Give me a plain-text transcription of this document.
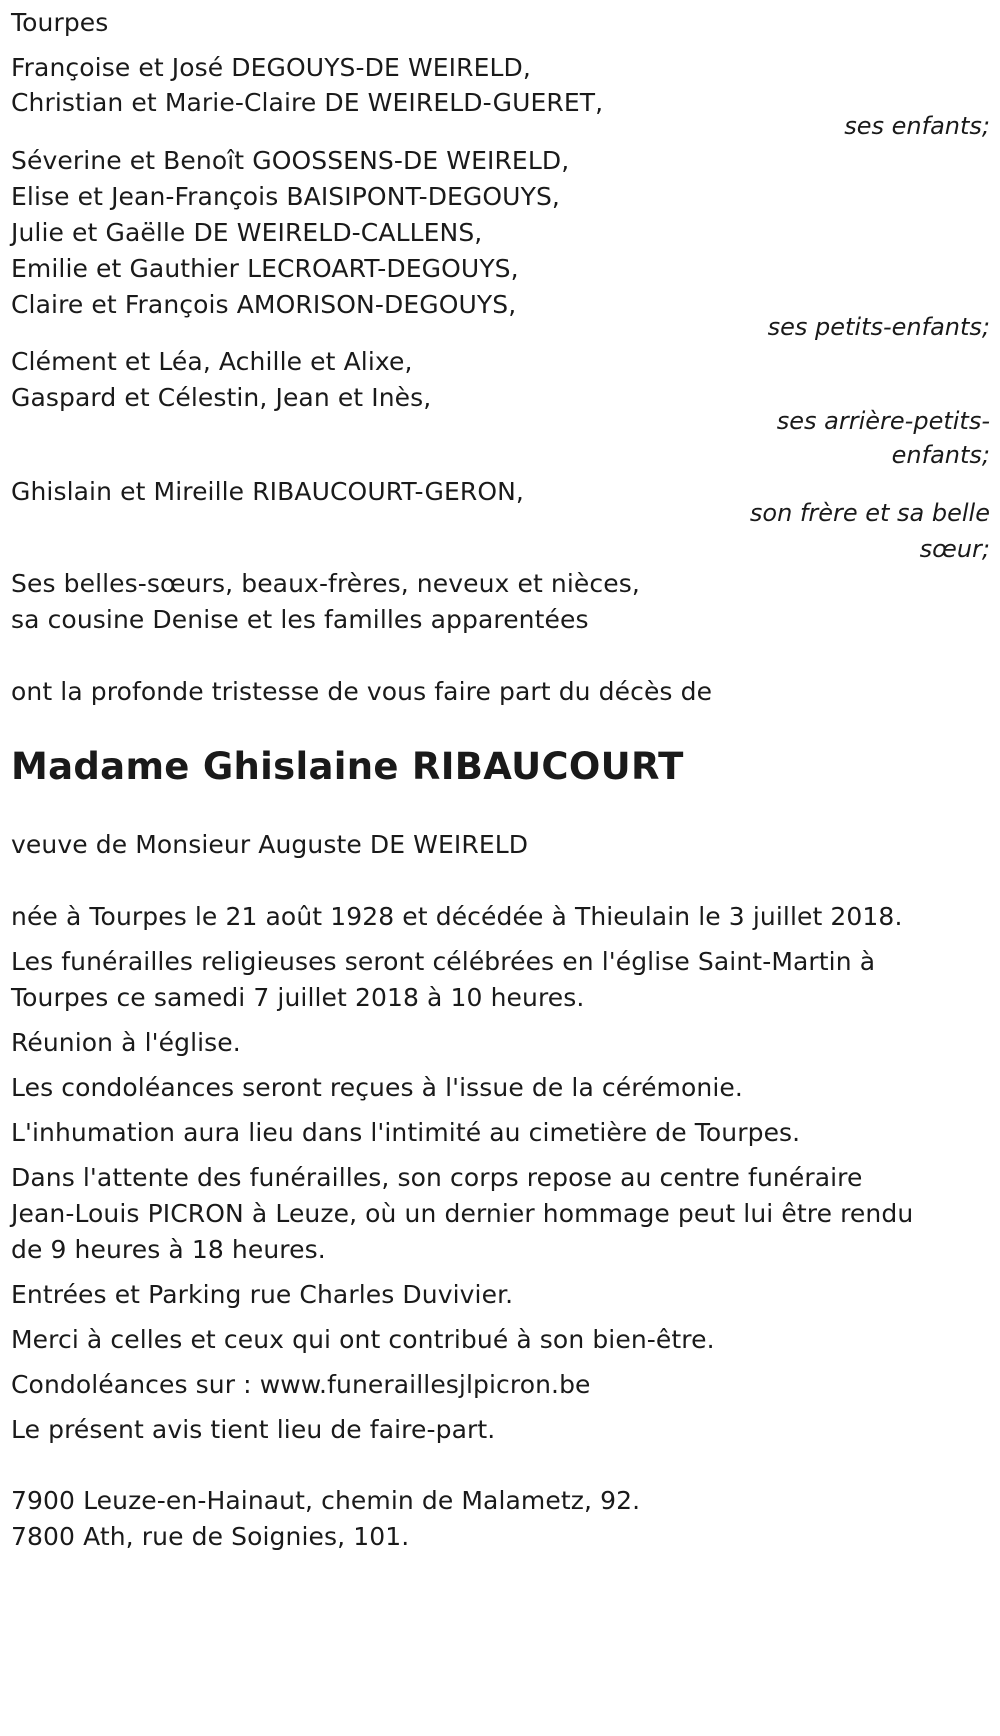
Tourpes
Françoise et José DEGOUYS-DE WEIRELD,
Christian et Marie-Claire DE WEIRELD-GUERET,
ses enfants;
Séverine et Benoît GOOSSENS-DE WEIRELD,
Elise et Jean-François BAISIPONT-DEGOUYS,
Julie et Gaëlle DE WEIRELD-CALLENS,
Emilie et Gauthier LECROART-DEGOUYS,
Claire et François AMORISON-DEGOUYS,
ses petits-enfants;
Clément et Léa, Achille et Alixe,
Gaspard et Célestin, Jean et Inès,
ses arrière-petits-
enfants;
Ghislain et Mireille RIBAUCOURT-GERON,
son frère et sa belle
sœur;
Ses belles-sœurs, beaux-frères, neveux et nièces,
sa cousine Denise et les familles apparentées
ont la profonde tristesse de vous faire part du décès de
Madame Ghislaine RIBAUCOURT
veuve de Monsieur Auguste DE WEIRELD
née à Tourpes le 21 août 1928 et décédée à Thieulain le 3 juillet 2018.
Les funérailles religieuses seront célébrées en l'église Saint-Martin à
Tourpes ce samedi 7 juillet 2018 à 10 heures.
Réunion à l'église.
Les condoléances seront reçues à l'issue de la cérémonie.
L'inhumation aura lieu dans l'intimité au cimetière de Tourpes.
Dans l'attente des funérailles, son corps repose au centre funéraire
Jean-Louis PICRON à Leuze, où un dernier hommage peut lui être rendu
de 9 heures à 18 heures.
Entrées et Parking rue Charles Duvivier.
Merci à celles et ceux qui ont contribué à son bien-être.
Condoléances sur : www.funeraillesjlpicron.be
Le présent avis tient lieu de faire-part.
7900 Leuze-en-Hainaut, chemin de Malametz, 92.
7800 Ath, rue de Soignies, 101.
